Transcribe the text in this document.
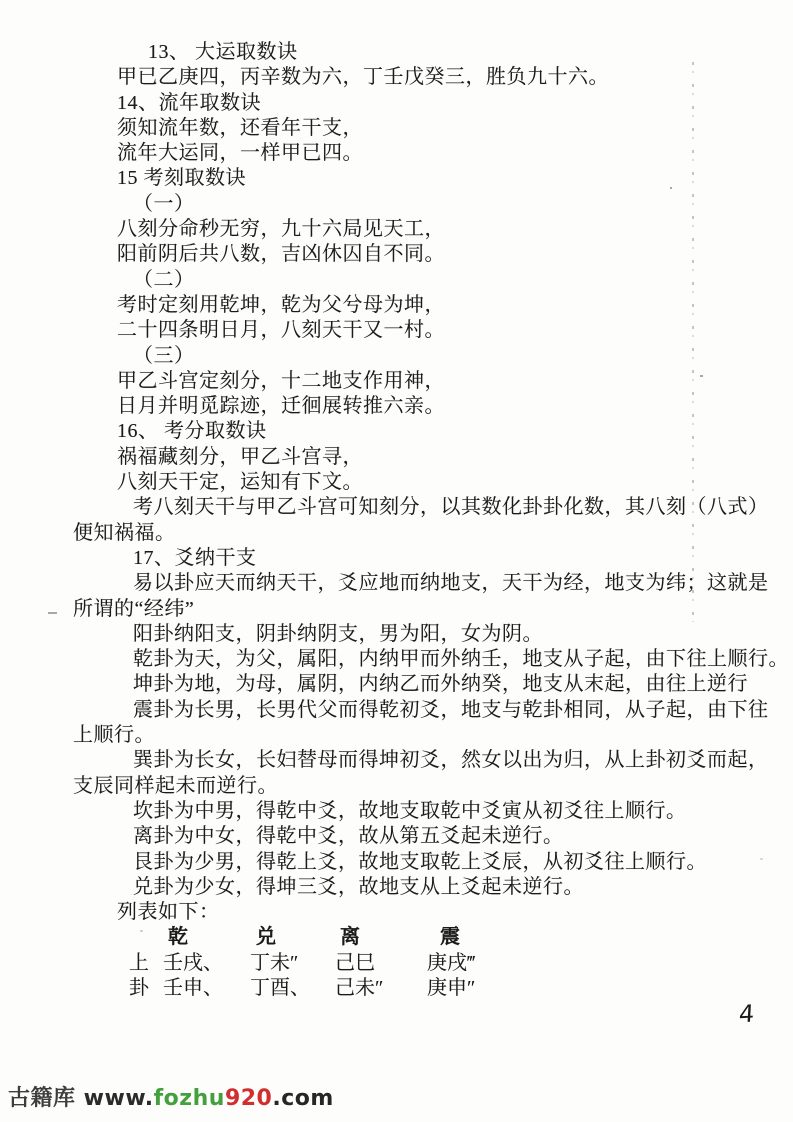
13、 大运取数诀
甲已乙庚四，丙辛数为六，丁壬戊癸三，胜负九十六。
14、流年取数诀
须知流年数，还看年干支，
流年大运同，一样甲已四。
15 考刻取数诀
（一）
八刻分命秒无穷，九十六局见天工，
阳前阴后共八数，吉凶休囚自不同。
（二）
考时定刻用乾坤，乾为父兮母为坤，
二十四条明日月，八刻天干又一村。
（三）
甲乙斗宫定刻分，十二地支作用神，
日月并明觅踪迹，迁徊展转推六亲。
16、 考分取数诀
祸福藏刻分，甲乙斗宫寻，
八刻天干定，运知有下文。
考八刻天干与甲乙斗宫可知刻分，以其数化卦卦化数，其八刻（八式）
便知祸福。
17、爻纳干支
易以卦应天而纳天干，爻应地而纳地支，天干为经，地支为纬；这就是
所谓的“经纬”
阳卦纳阳支，阴卦纳阴支，男为阳，女为阴。
乾卦为天，为父，属阳，内纳甲而外纳壬，地支从子起，由下往上顺行。
坤卦为地，为母，属阴，内纳乙而外纳癸，地支从末起，由往上逆行
震卦为长男，长男代父而得乾初爻，地支与乾卦相同，从子起，由下往
上顺行。
巽卦为长女，长妇替母而得坤初爻，然女以出为归，从上卦初爻而起，
支辰同样起未而逆行。
坎卦为中男，得乾中爻，故地支取乾中爻寅从初爻往上顺行。
离卦为中女，得乾中爻，故从第五爻起未逆行。
艮卦为少男，得乾上爻，故地支取乾上爻辰，从初爻往上顺行。
兑卦为少女，得坤三爻，故地支从上爻起未逆行。
列表如下：
乾	兑	离	震
上 壬戌、 丁未″ 己巳	庚戌‴
卦 壬申、 丁酉、 己未″ 庚申″
4
古籍库 www.fozhu920.com
